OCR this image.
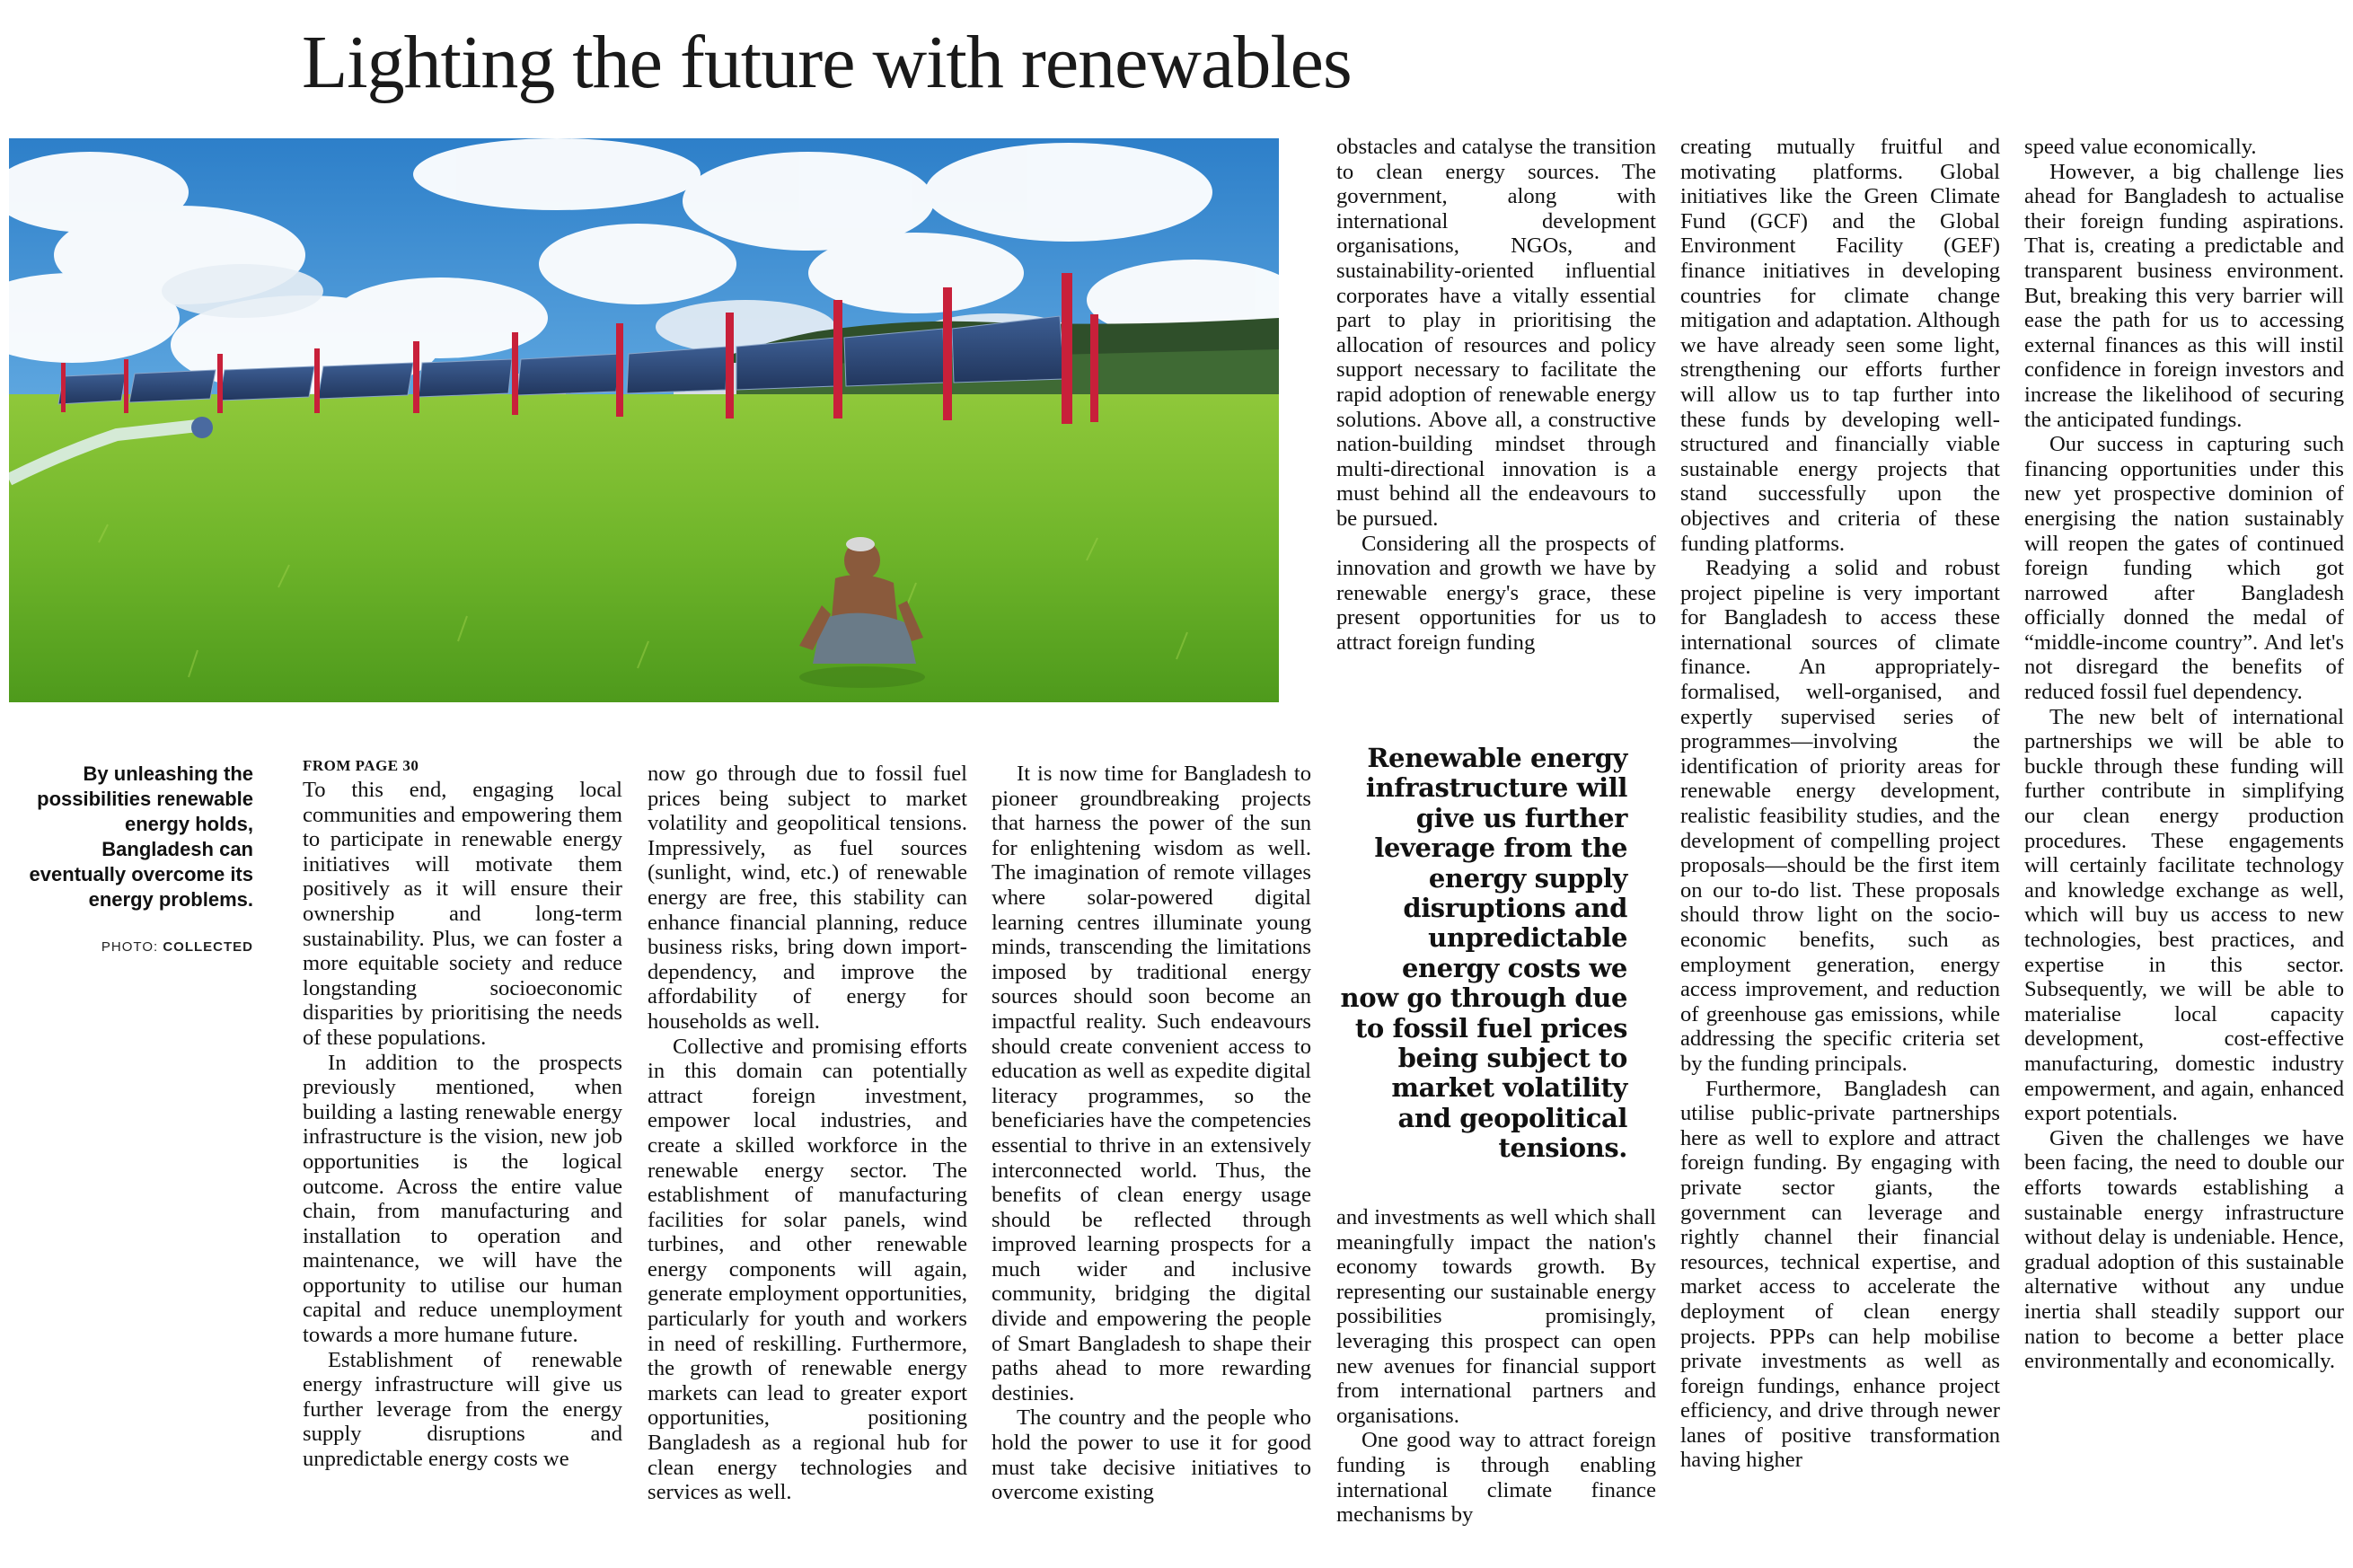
Lighting the future with renewables
By unleashing the possibilities renewable energy holds, Bangladesh can eventually overcome its energy problems.
PHOTO: COLLECTED
FROM PAGE 30

To this end, engaging local communities and empowering them to participate in renewable energy initiatives will motivate them positively as it will ensure their ownership and long-term sustainability. Plus, we can foster a more equitable society and reduce longstanding socioeconomic disparities by prioritising the needs of these populations.

In addition to the prospects previously mentioned, when building a lasting renewable energy infrastructure is the vision, new job opportunities is the logical outcome. Across the entire value chain, from manufacturing and installation to operation and maintenance, we will have the opportunity to utilise our human capital and reduce unemployment towards a more humane future.

Establishment of renewable energy infrastructure will give us further leverage from the energy supply disruptions and unpredictable energy costs we

now go through due to fossil fuel prices being subject to market volatility and geopolitical tensions. Impressively, as fuel sources (sunlight, wind, etc.) of renewable energy are free, this stability can enhance financial planning, reduce business risks, bring down import-dependency, and improve the affordability of energy for households as well.

Collective and promising efforts in this domain can potentially attract foreign investment, empower local industries, and create a skilled workforce in the renewable energy sector. The establishment of manufacturing facilities for solar panels, wind turbines, and other renewable energy components will again, generate employment opportunities, particularly for youth and workers in need of reskilling. Furthermore, the growth of renewable energy markets can lead to greater export opportunities, positioning Bangladesh as a regional hub for clean energy technologies and services as well.

It is now time for Bangladesh to pioneer groundbreaking projects that harness the power of the sun for enlightening wisdom as well. The imagination of remote villages where solar-powered digital learning centres illuminate young minds, transcending the limitations imposed by traditional energy sources should soon become an impactful reality. Such endeavours should create convenient access to education as well as expedite digital literacy programmes, so the beneficiaries have the competencies essential to thrive in an extensively interconnected world. Thus, the benefits of clean energy usage should be reflected through improved learning prospects for a much wider and inclusive community, bridging the digital divide and empowering the people of Smart Bangladesh to shape their paths ahead to more rewarding destinies.

The country and the people who hold the power to use it for good must take decisive initiatives to overcome existing

obstacles and catalyse the transition to clean energy sources. The government, along with international development organisations, NGOs, and sustainability-oriented influential corporates have a vitally essential part to play in prioritising the allocation of resources and policy support necessary to facilitate the rapid adoption of renewable energy solutions. Above all, a constructive nation-building mindset through multi-directional innovation is a must behind all the endeavours to be pursued.

Considering all the prospects of innovation and growth we have by renewable energy's grace, these present opportunities for us to attract foreign funding

Renewable energy infrastructure will give us further leverage from the energy supply disruptions and unpredictable energy costs we now go through due to fossil fuel prices being subject to market volatility and geopolitical tensions.

and investments as well which shall meaningfully impact the nation's economy towards growth. By representing our sustainable energy possibilities promisingly, leveraging this prospect can open new avenues for financial support from international partners and organisations.

One good way to attract foreign funding is through enabling international climate finance mechanisms by

creating mutually fruitful and motivating platforms. Global initiatives like the Green Climate Fund (GCF) and the Global Environment Facility (GEF) finance initiatives in developing countries for climate change mitigation and adaptation. Although we have already seen some light, strengthening our efforts further will allow us to tap further into these funds by developing well-structured and financially viable sustainable energy projects that stand successfully upon the objectives and criteria of these funding platforms.

Readying a solid and robust project pipeline is very important for Bangladesh to access these international sources of climate finance. An appropriately-formalised, well-organised, and expertly supervised series of programmes—involving the identification of priority areas for renewable energy development, realistic feasibility studies, and the development of compelling project proposals—should be the first item on our to-do list. These proposals should throw light on the socio-economic benefits, such as employment generation, energy access improvement, and reduction of greenhouse gas emissions, while addressing the specific criteria set by the funding principals.

Furthermore, Bangladesh can utilise public-private partnerships here as well to explore and attract foreign funding. By engaging with private sector giants, the government can leverage and rightly channel their financial resources, technical expertise, and market access to accelerate the deployment of clean energy projects. PPPs can help mobilise private investments as well as foreign fundings, enhance project efficiency, and drive through newer lanes of positive transformation having higher

speed value economically.

However, a big challenge lies ahead for Bangladesh to actualise their foreign funding aspirations. That is, creating a predictable and transparent business environment. But, breaking this very barrier will ease the path for us to accessing external finances as this will instil confidence in foreign investors and increase the likelihood of securing the anticipated fundings.

Our success in capturing such financing opportunities under this new yet prospective dominion of energising the nation sustainably will reopen the gates of continued foreign funding which got narrowed after Bangladesh officially donned the medal of “middle-income country”. And let's not disregard the benefits of reduced fossil fuel dependency.

The new belt of international partnerships we will be able to buckle through these funding will further contribute in simplifying our clean energy production procedures. These engagements will certainly facilitate technology and knowledge exchange as well, which will buy us access to new technologies, best practices, and expertise in this sector. Subsequently, we will be able to materialise local capacity development, cost-effective manufacturing, domestic industry empowerment, and again, enhanced export potentials.

Given the challenges we have been facing, the need to double our efforts towards establishing a sustainable energy infrastructure without delay is undeniable. Hence, gradual adoption of this sustainable alternative without any undue inertia shall steadily support our nation to become a better place environmentally and economically.
